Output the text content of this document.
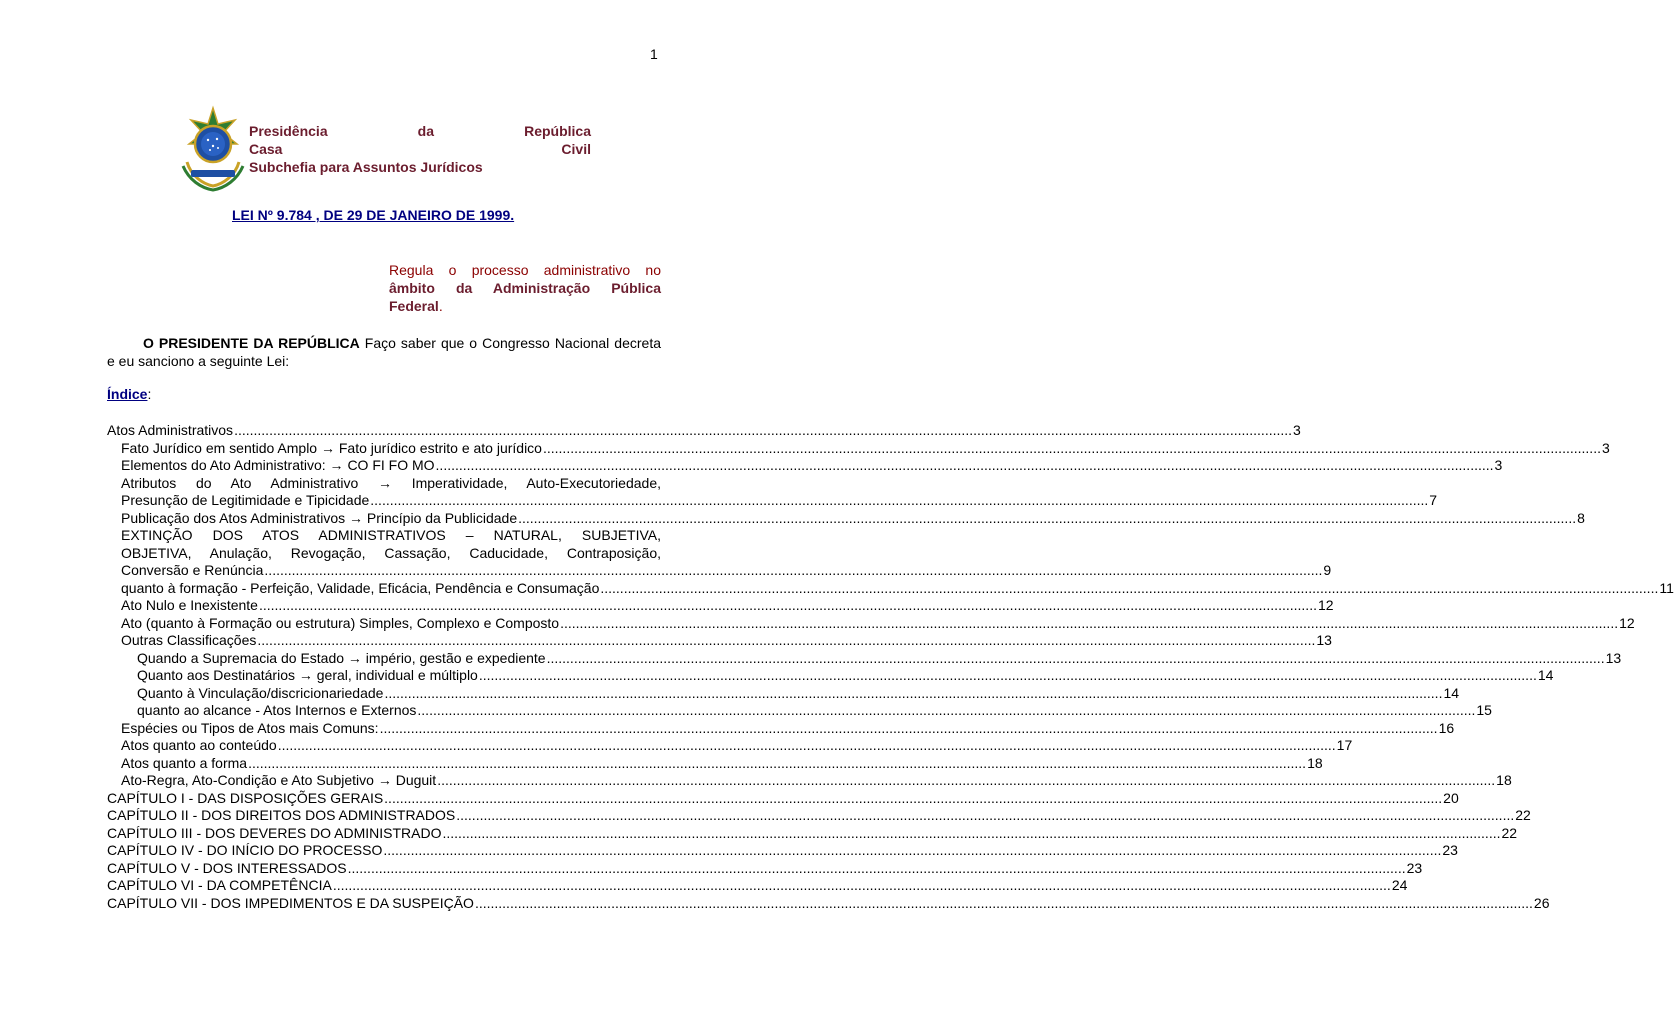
1
Presidência	da	República
Casa	Civil
Subchefia para Assuntos Jurídicos
LEI Nº 9.784 , DE 29 DE JANEIRO DE 1999.
Regula o processo administrativo no âmbito da Administração Pública Federal.
O PRESIDENTE DA REPÚBLICA Faço saber que o Congresso Nacional decreta e eu sanciono a seguinte Lei:
Índice:
Atos Administrativos .....	3
Fato Jurídico em sentido Amplo → Fato jurídico estrito e ato jurídico .....	3
Elementos do Ato Administrativo: → CO FI FO MO .....	3
Atributos do Ato Administrativo → Imperatividade, Auto-Executoriedade,
Presunção de Legitimidade e Tipicidade .....	7
Publicação dos Atos Administrativos → Princípio da Publicidade .....	8
EXTINÇÃO DOS ATOS ADMINISTRATIVOS – NATURAL, SUBJETIVA,
OBJETIVA, Anulação, Revogação, Cassação, Caducidade, Contraposição,
Conversão e Renúncia .....	9
quanto à formação - Perfeição, Validade, Eficácia, Pendência e Consumação .....	11
Ato Nulo e Inexistente .....	12
Ato (quanto à Formação ou estrutura) Simples, Complexo e Composto .....	12
Outras Classificações .....	13
Quando a Supremacia do Estado → império, gestão e expediente .....	13
Quanto aos Destinatários → geral, individual e múltiplo .....	14
Quanto à Vinculação/discricionariedade .....	14
quanto ao alcance - Atos Internos e Externos .....	15
Espécies ou Tipos de Atos mais Comuns: .....	16
Atos quanto ao conteúdo .....	17
Atos quanto a forma .....	18
Ato-Regra, Ato-Condição e Ato Subjetivo → Duguit .....	18
CAPÍTULO I - DAS DISPOSIÇÕES GERAIS .....	20
CAPÍTULO II - DOS DIREITOS DOS ADMINISTRADOS .....	22
CAPÍTULO III - DOS DEVERES DO ADMINISTRADO .....	22
CAPÍTULO IV - DO INÍCIO DO PROCESSO .....	23
CAPÍTULO V - DOS INTERESSADOS .....	23
CAPÍTULO VI - DA COMPETÊNCIA .....	24
CAPÍTULO VII - DOS IMPEDIMENTOS E DA SUSPEIÇÃO .....	26
